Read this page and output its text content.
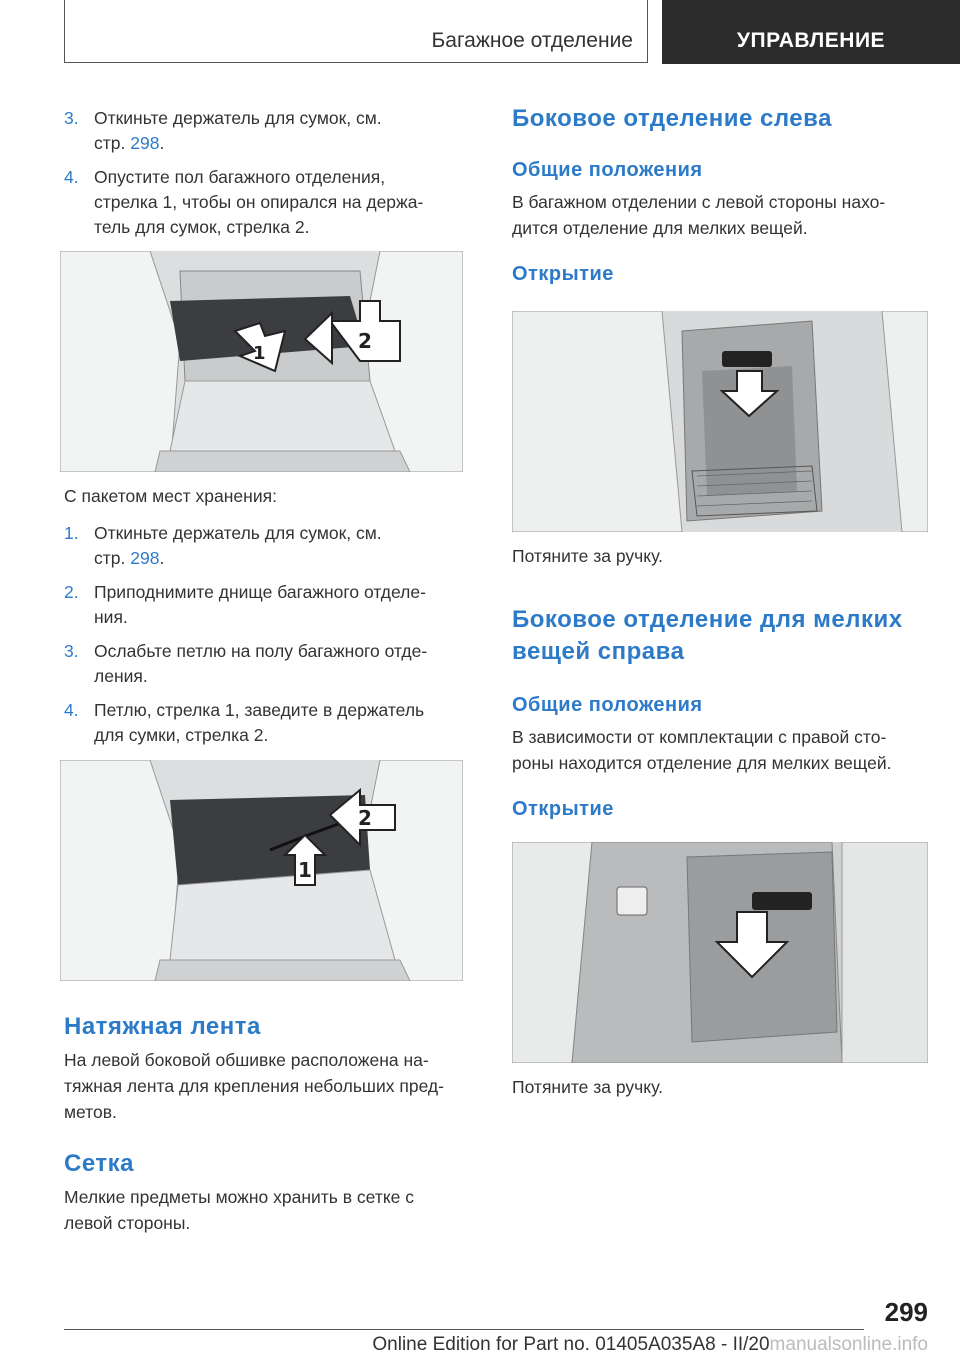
Багажное отделение	УПРАВЛЕНИЕ
3. Откиньте держатель для сумок, см.
стр. 298.
4. Опустите пол багажного отделения,
стрелка 1, чтобы он опирался на держа-
тель для сумок, стрелка 2.
1
2
С пакетом мест хранения:
1. Откиньте держатель для сумок, см.
стр. 298.
2. Приподнимите днище багажного отделе-
ния.
3. Ослабьте петлю на полу багажного отде-
ления.
4. Петлю, стрелка 1, заведите в держатель
для сумки, стрелка 2.
1
2
Натяжная лента
На левой боковой обшивке расположена на-
тяжная лента для крепления небольших пред-
метов.
Сетка
Мелкие предметы можно хранить в сетке с
левой стороны.
Боковое отделение слева
Общие положения
В багажном отделении с левой стороны нахо-
дится отделение для мелких вещей.
Открытие
Потяните за ручку.
Боковое отделение для мелких
вещей справа
Общие положения
В зависимости от комплектации с правой сто-
роны находится отделение для мелких вещей.
Открытие
Потяните за ручку.
299
Online Edition for Part no. 01405A035A8 - II/20manualsonline.info
